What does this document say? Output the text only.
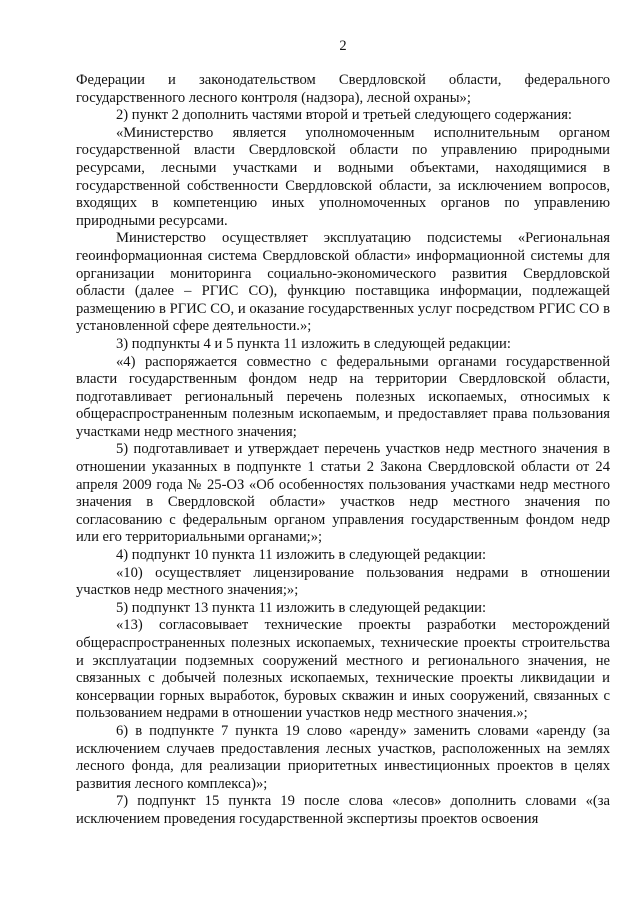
2

Федерации и законодательством Свердловской области, федерального государственного лесного контроля (надзора), лесной охраны»;

2) пункт 2 дополнить частями второй и третьей следующего содержания:

«Министерство является уполномоченным исполнительным органом государственной власти Свердловской области по управлению природными ресурсами, лесными участками и водными объектами, находящимися в государственной собственности Свердловской области, за исключением вопросов, входящих в компетенцию иных уполномоченных органов по управлению природными ресурсами.

Министерство осуществляет эксплуатацию подсистемы «Региональная геоинформационная система Свердловской области» информационной системы для организации мониторинга социально-экономического развития Свердловской области (далее – РГИС СО), функцию поставщика информации, подлежащей размещению в РГИС СО, и оказание государственных услуг посредством РГИС СО в установленной сфере деятельности.»;

3) подпункты 4 и 5 пункта 11 изложить в следующей редакции:

«4) распоряжается совместно с федеральными органами государственной власти государственным фондом недр на территории Свердловской области, подготавливает региональный перечень полезных ископаемых, относимых к общераспространенным полезным ископаемым, и предоставляет права пользования участками недр местного значения;

5) подготавливает и утверждает перечень участков недр местного значения в отношении указанных в подпункте 1 статьи 2 Закона Свердловской области от 24 апреля 2009 года № 25-ОЗ «Об особенностях пользования участками недр местного значения в Свердловской области» участков недр местного значения по согласованию с федеральным органом управления государственным фондом недр или его территориальными органами;»;

4) подпункт 10 пункта 11 изложить в следующей редакции:

«10) осуществляет лицензирование пользования недрами в отношении участков недр местного значения;»;

5) подпункт 13 пункта 11 изложить в следующей редакции:

«13) согласовывает технические проекты разработки месторождений общераспространенных полезных ископаемых, технические проекты строительства и эксплуатации подземных сооружений местного и регионального значения, не связанных с добычей полезных ископаемых, технические проекты ликвидации и консервации горных выработок, буровых скважин и иных сооружений, связанных с пользованием недрами в отношении участков недр местного значения.»;

6) в подпункте 7 пункта 19 слово «аренду» заменить словами «аренду (за исключением случаев предоставления лесных участков, расположенных на землях лесного фонда, для реализации приоритетных инвестиционных проектов в целях развития лесного комплекса)»;

7) подпункт 15 пункта 19 после слова «лесов» дополнить словами «(за исключением проведения государственной экспертизы проектов освоения
